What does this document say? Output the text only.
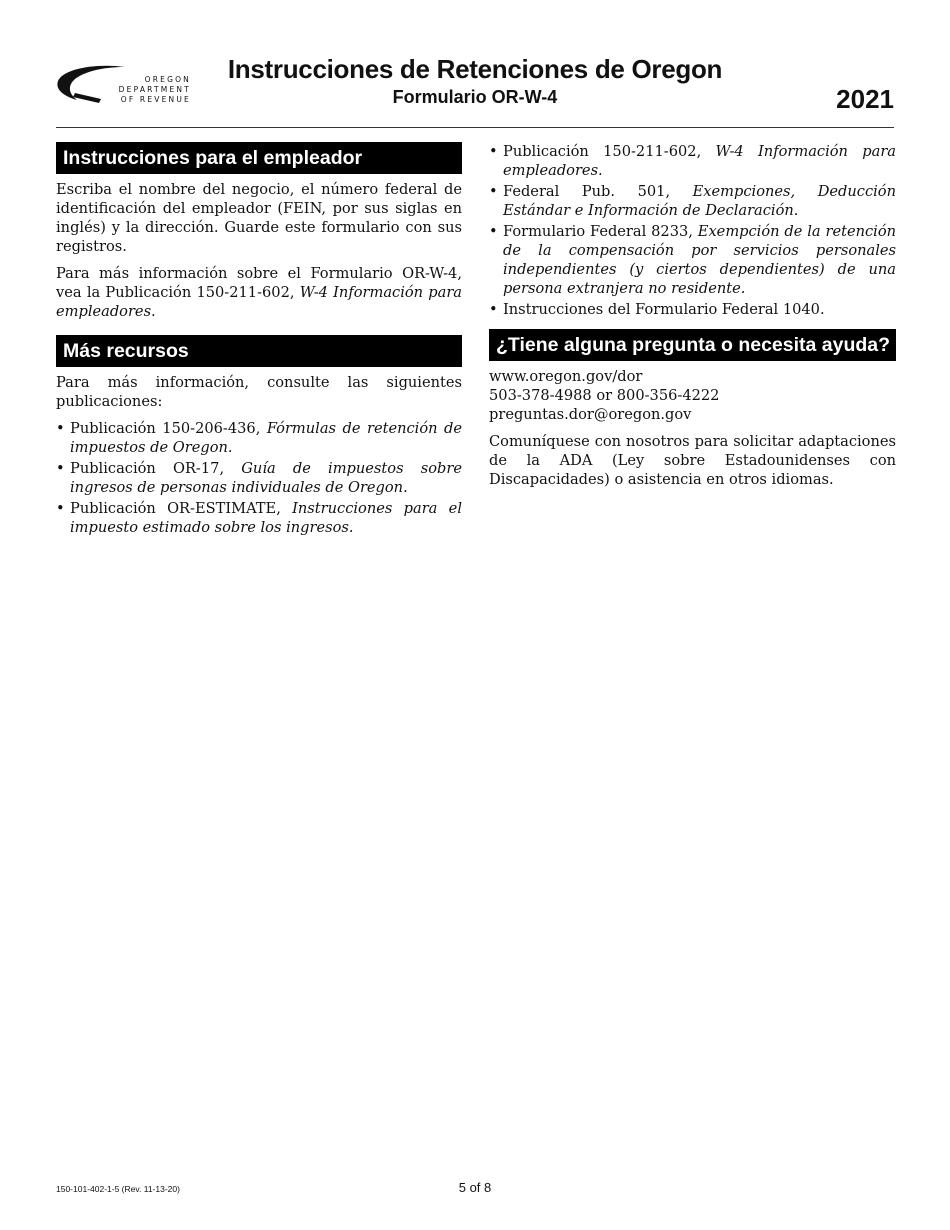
OREGON
DEPARTMENT
OF REVENUE
Instrucciones de Retenciones de Oregon
Formulario OR-W-4	2021
Instrucciones para el empleador

Escriba el nombre del negocio, el número federal de identificación del empleador (FEIN, por sus siglas en inglés) y la dirección. Guarde este formulario con sus registros.

Para más información sobre el Formulario OR-W-4, vea la Publicación 150-211-602, W-4 Información para empleadores.

Más recursos

Para más información, consulte las siguientes publicaciones:

• Publicación 150-206-436, Fórmulas de retención de impuestos de Oregon.
• Publicación OR-17, Guía de impuestos sobre ingresos de personas individuales de Oregon.
• Publicación OR-ESTIMATE, Instrucciones para el impuesto estimado sobre los ingresos.
• Publicación 150-211-602, W-4 Información para empleadores.
• Federal Pub. 501, Exempciones, Deducción Estándar e Información de Declaración.
• Formulario Federal 8233, Exempción de la retención de la compensación por servicios personales independientes (y ciertos dependientes) de una persona extranjera no residente.
• Instrucciones del Formulario Federal 1040.
¿Tiene alguna pregunta o necesita ayuda?

www.oregon.gov/dor
503-378-4988 or 800-356-4222
preguntas.dor@oregon.gov

Comuníquese con nosotros para solicitar adaptaciones de la ADA (Ley sobre Estadounidenses con Discapacidades) o asistencia en otros idiomas.

150-101-402-1-5 (Rev. 11-13-20)	5 of 8
